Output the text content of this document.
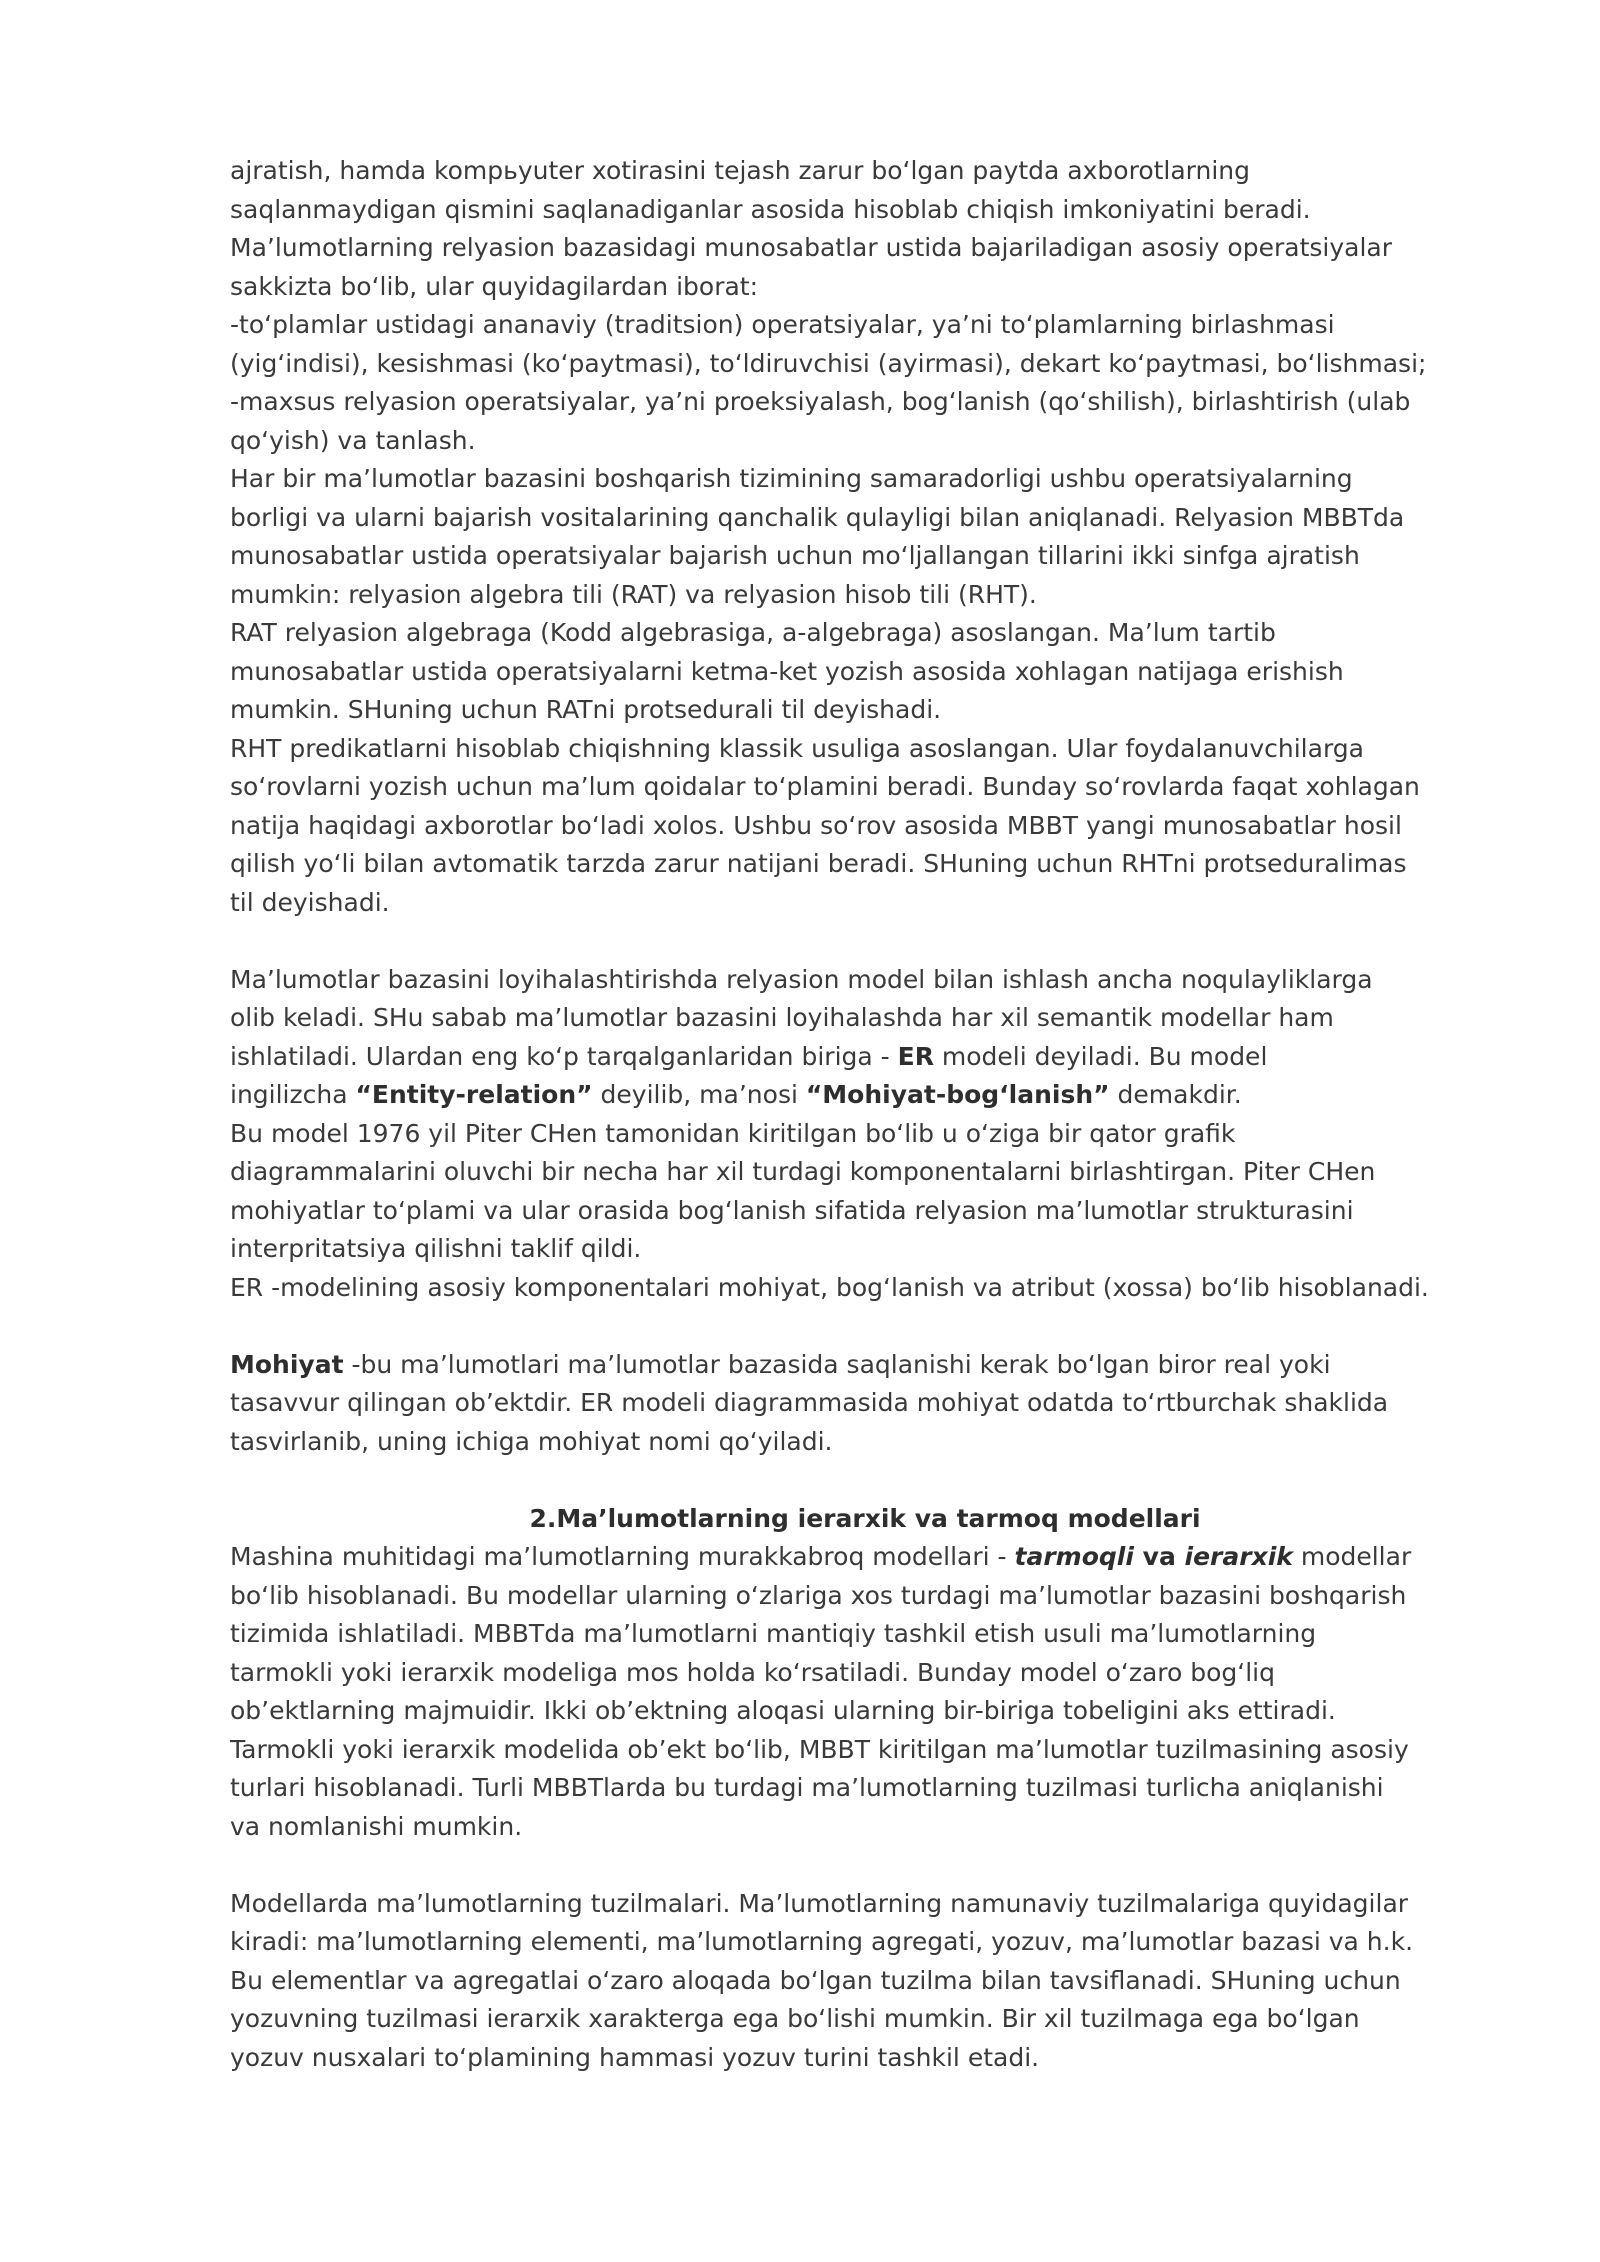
ajratish, hamda kompьyuter xotirasini tejash zarur bo‘lgan paytda axborotlarning
saqlanmaydigan qismini saqlanadiganlar asosida hisoblab chiqish imkoniyatini beradi.
Ma’lumotlarning relyasion bazasidagi munosabatlar ustida bajariladigan asosiy operatsiyalar
sakkizta bo‘lib, ular quyidagilardan iborat:
-to‘plamlar ustidagi ananaviy (traditsion) operatsiyalar, ya’ni to‘plamlarning birlashmasi
(yig‘indisi), kesishmasi (ko‘paytmasi), to‘ldiruvchisi (ayirmasi), dekart ko‘paytmasi, bo‘lishmasi;
-maxsus relyasion operatsiyalar, ya’ni proeksiyalash, bog‘lanish (qo‘shilish), birlashtirish (ulab
qo‘yish) va tanlash.
Har bir ma’lumotlar bazasini boshqarish tizimining samaradorligi ushbu operatsiyalarning
borligi va ularni bajarish vositalarining qanchalik qulayligi bilan aniqlanadi. Relyasion MBBTda
munosabatlar ustida operatsiyalar bajarish uchun mo‘ljallangan tillarini ikki sinfga ajratish
mumkin: relyasion algebra tili (RAT) va relyasion hisob tili (RHT).
RAT relyasion algebraga (Kodd algebrasiga, a-algebraga) asoslangan. Ma’lum tartib
munosabatlar ustida operatsiyalarni ketma-ket yozish asosida xohlagan natijaga erishish
mumkin. SHuning uchun RATni protsedurali til deyishadi.
RHT predikatlarni hisoblab chiqishning klassik usuliga asoslangan. Ular foydalanuvchilarga
so‘rovlarni yozish uchun ma’lum qoidalar to‘plamini beradi. Bunday so‘rovlarda faqat xohlagan
natija haqidagi axborotlar bo‘ladi xolos. Ushbu so‘rov asosida MBBT yangi munosabatlar hosil
qilish yo‘li bilan avtomatik tarzda zarur natijani beradi. SHuning uchun RHTni protseduralimas
til deyishadi.
Ma’lumotlar bazasini loyihalashtirishda relyasion model bilan ishlash ancha noqulayliklarga
olib keladi. SHu sabab ma’lumotlar bazasini loyihalashda har xil semantik modellar ham
ishlatiladi. Ulardan eng ko‘p tarqalganlaridan biriga - ER modeli deyiladi. Bu model
ingilizcha “Entity-relation” deyilib, ma’nosi “Mohiyat-bog‘lanish” demakdir.
Bu model 1976 yil Piter CHen tamonidan kiritilgan bo‘lib u o‘ziga bir qator grafik
diagrammalarini oluvchi bir necha har xil turdagi komponentalarni birlashtirgan. Piter CHen
mohiyatlar to‘plami va ular orasida bog‘lanish sifatida relyasion ma’lumotlar strukturasini
interpritatsiya qilishni taklif qildi.
ER -modelining asosiy komponentalari mohiyat, bog‘lanish va atribut (xossa) bo‘lib hisoblanadi.
Mohiyat -bu ma’lumotlari ma’lumotlar bazasida saqlanishi kerak bo‘lgan biror real yoki
tasavvur qilingan ob’ektdir. ER modeli diagrammasida mohiyat odatda to‘rtburchak shaklida
tasvirlanib, uning ichiga mohiyat nomi qo‘yiladi.
2.Ma’lumotlarning ierarxik va tarmoq modellari
Mashina muhitidagi ma’lumotlarning murakkabroq modellari - tarmoqli va ierarxik modellar
bo‘lib hisoblanadi. Bu modellar ularning o‘zlariga xos turdagi ma’lumotlar bazasini boshqarish
tizimida ishlatiladi. MBBTda ma’lumotlarni mantiqiy tashkil etish usuli ma’lumotlarning
tarmokli yoki ierarxik modeliga mos holda ko‘rsatiladi. Bunday model o‘zaro bog‘liq
ob’ektlarning majmuidir. Ikki ob’ektning aloqasi ularning bir-biriga tobeligini aks ettiradi.
Tarmokli yoki ierarxik modelida ob’ekt bo‘lib, MBBT kiritilgan ma’lumotlar tuzilmasining asosiy
turlari hisoblanadi. Turli MBBTlarda bu turdagi ma’lumotlarning tuzilmasi turlicha aniqlanishi
va nomlanishi mumkin.
Modellarda ma’lumotlarning tuzilmalari. Ma’lumotlarning namunaviy tuzilmalariga quyidagilar
kiradi: ma’lumotlarning elementi, ma’lumotlarning agregati, yozuv, ma’lumotlar bazasi va h.k.
Bu elementlar va agregatlai o‘zaro aloqada bo‘lgan tuzilma bilan tavsiflanadi. SHuning uchun
yozuvning tuzilmasi ierarxik xarakterga ega bo‘lishi mumkin. Bir xil tuzilmaga ega bo‘lgan
yozuv nusxalari to‘plamining hammasi yozuv turini tashkil etadi.
